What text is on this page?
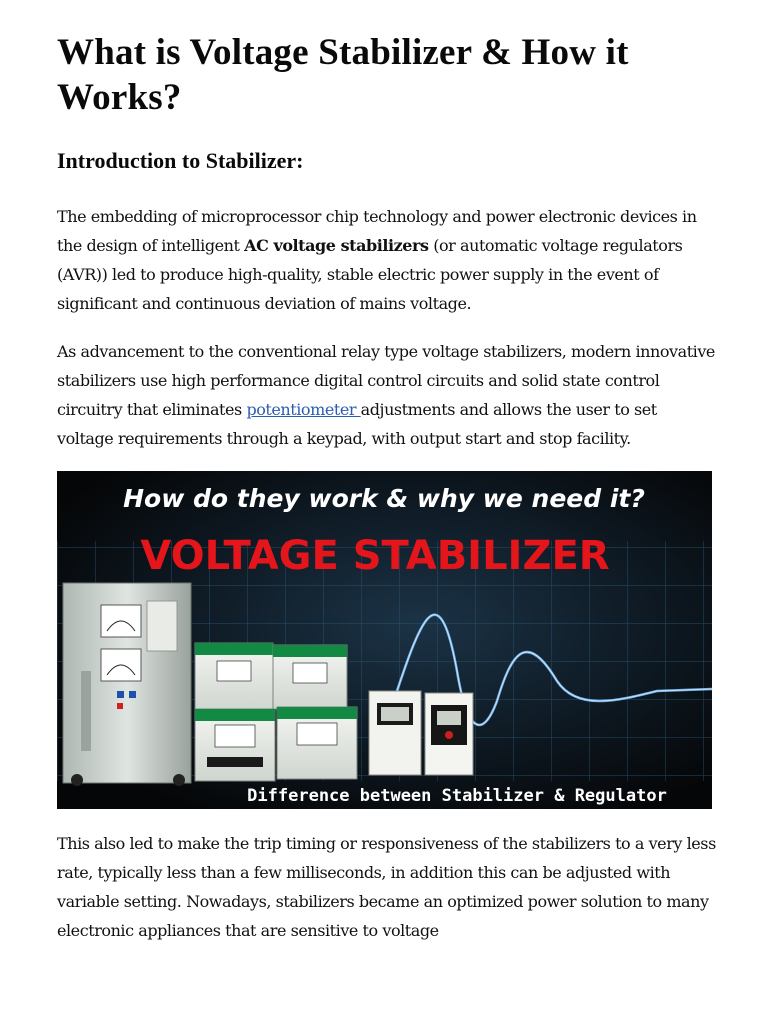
What is Voltage Stabilizer & How it Works?
Introduction to Stabilizer:

The embedding of microprocessor chip technology and power electronic devices in the design of intelligent AC voltage stabilizers (or automatic voltage regulators (AVR)) led to produce high-quality, stable electric power supply in the event of significant and continuous deviation of mains voltage.

As advancement to the conventional relay type voltage stabilizers, modern innovative stabilizers use high performance digital control circuits and solid state control circuitry that eliminates potentiometer adjustments and allows the user to set voltage requirements through a keypad, with output start and stop facility.

How do they work & why we need it?
VOLTAGE STABILIZER
Difference between Stabilizer & Regulator

This also led to make the trip timing or responsiveness of the stabilizers to a very less rate, typically less than a few milliseconds, in addition this can be adjusted with variable setting. Nowadays, stabilizers became an optimized power solution to many electronic appliances that are sensitive to voltage
